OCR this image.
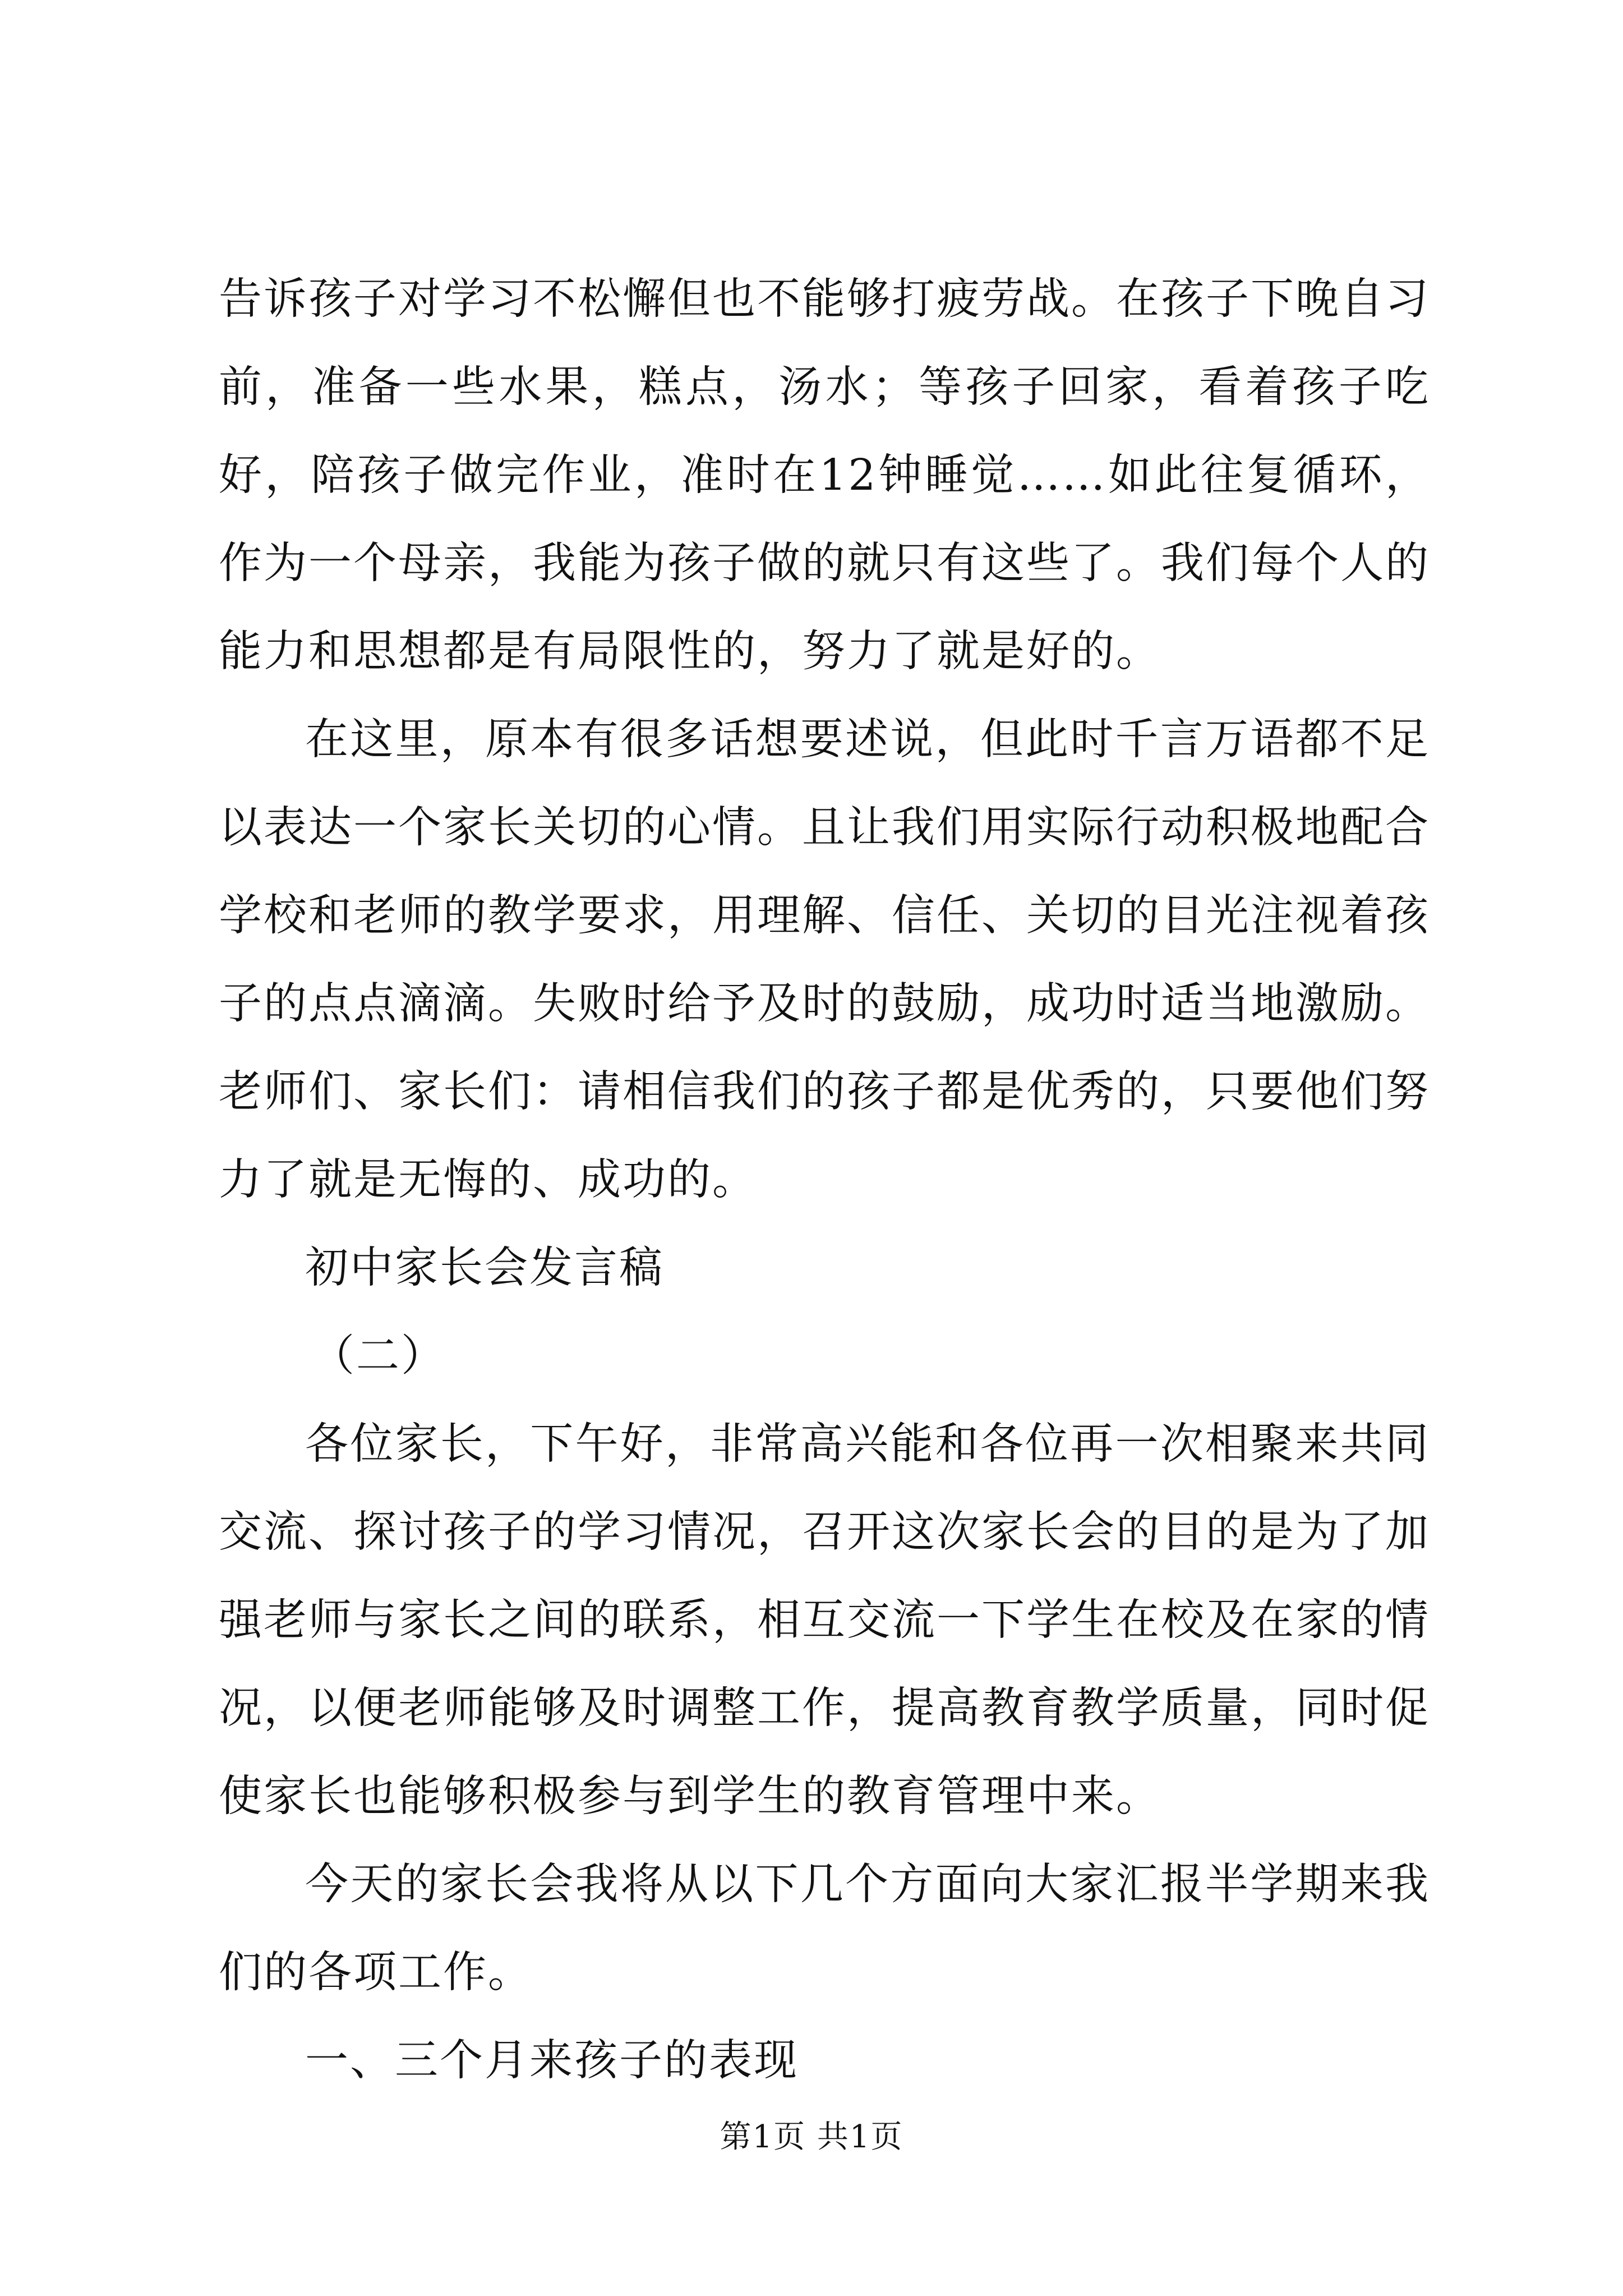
告诉孩子对学习不松懈但也不能够打疲劳战。在孩子下晚自习前，准备一些水果，糕点，汤水；等孩子回家，看着孩子吃好，陪孩子做完作业，准时在12钟睡觉……如此往复循环，作为一个母亲，我能为孩子做的就只有这些了。我们每个人的能力和思想都是有局限性的，努力了就是好的。

在这里，原本有很多话想要述说，但此时千言万语都不足以表达一个家长关切的心情。且让我们用实际行动积极地配合学校和老师的教学要求，用理解、信任、关切的目光注视着孩子的点点滴滴。失败时给予及时的鼓励，成功时适当地激励。老师们、家长们：请相信我们的孩子都是优秀的，只要他们努力了就是无悔的、成功的。

初中家长会发言稿

（二）

各位家长，下午好，非常高兴能和各位再一次相聚来共同交流、探讨孩子的学习情况，召开这次家长会的目的是为了加强老师与家长之间的联系，相互交流一下学生在校及在家的情况，以便老师能够及时调整工作，提高教育教学质量，同时促使家长也能够积极参与到学生的教育管理中来。

今天的家长会我将从以下几个方面向大家汇报半学期来我们的各项工作。

一、三个月来孩子的表现

第1页 共1页
